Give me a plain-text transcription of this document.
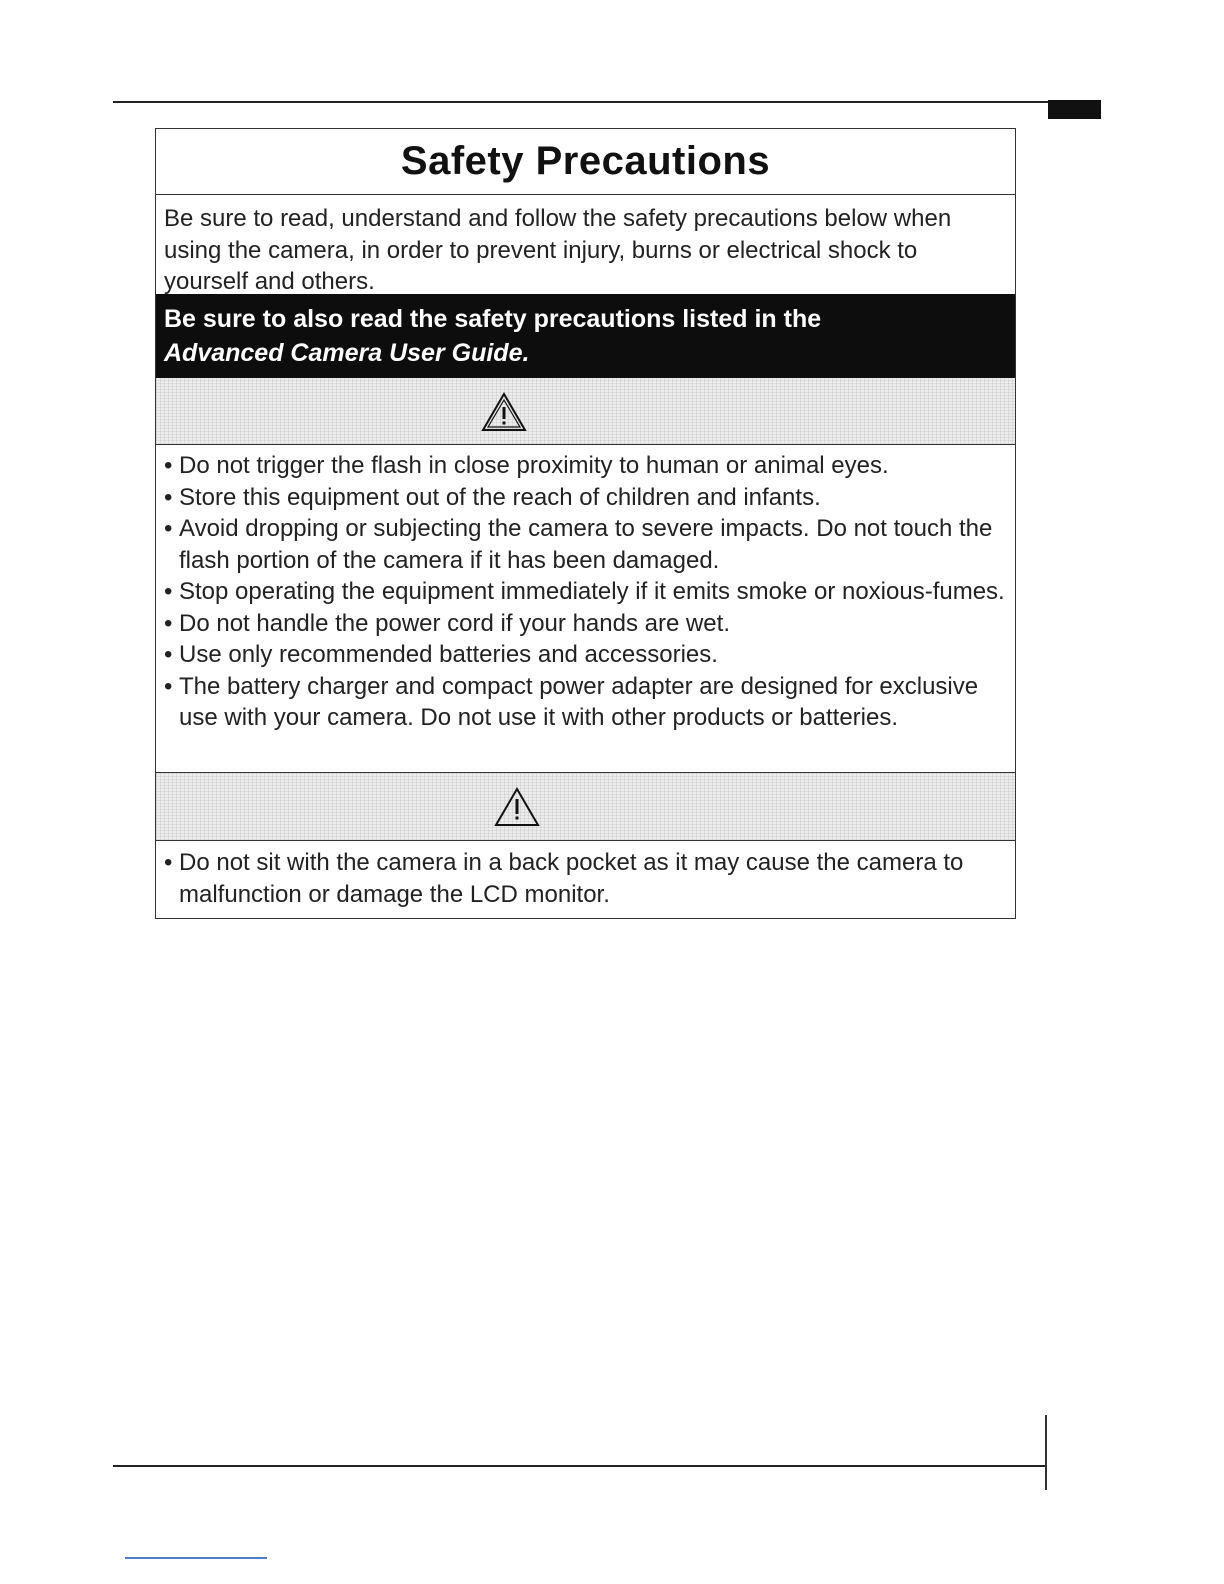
Safety Precautions
Be sure to read, understand and follow the safety precautions below when using the camera, in order to prevent injury, burns or electrical shock to yourself and others.
Be sure to also read the safety precautions listed in the
Advanced Camera User Guide.
• Do not trigger the flash in close proximity to human or animal eyes.
• Store this equipment out of the reach of children and infants.
• Avoid dropping or subjecting the camera to severe impacts. Do not touch the flash portion of the camera if it has been damaged.
• Stop operating the equipment immediately if it emits smoke or noxious-fumes.
• Do not handle the power cord if your hands are wet.
• Use only recommended batteries and accessories.
• The battery charger and compact power adapter are designed for exclusive use with your camera. Do not use it with other products or batteries.
• Do not sit with the camera in a back pocket as it may cause the camera to malfunction or damage the LCD monitor.
